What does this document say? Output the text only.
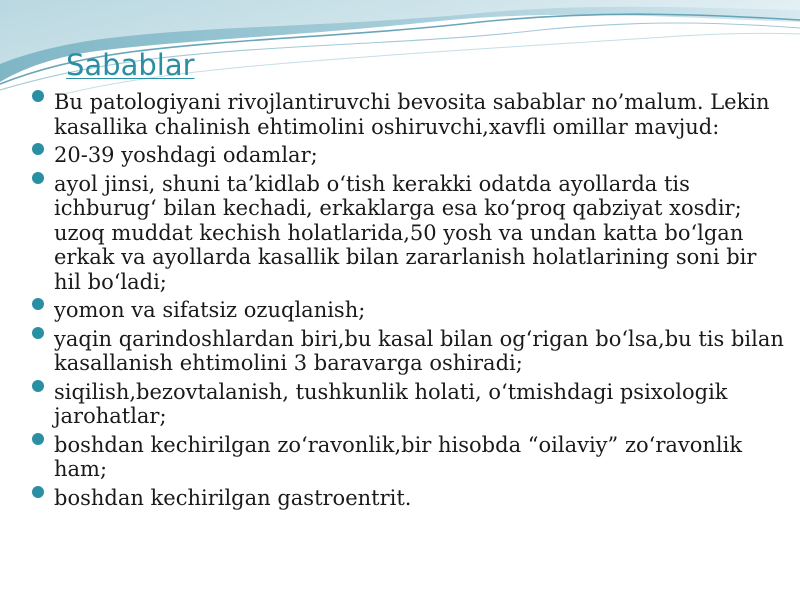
Sabablar
Bu patologiyani rivojlantiruvchi bevosita sabablar no’malum. Lekin kasallika chalinish ehtimolini oshiruvchi,xavfli omillar mavjud:
20-39 yoshdagi odamlar;
ayol jinsi, shuni ta’kidlab o‘tish kerakki odatda ayollarda tis ichburug‘ bilan kechadi, erkaklarga esa ko‘proq qabziyat xosdir; uzoq muddat kechish holatlarida,50 yosh va undan katta bo‘lgan erkak va ayollarda kasallik bilan zararlanish holatlarining soni bir hil bo‘ladi;
yomon va sifatsiz ozuqlanish;
yaqin qarindoshlardan biri,bu kasal bilan og‘rigan bo‘lsa,bu tis bilan kasallanish ehtimolini 3 baravarga oshiradi;
siqilish,bezovtalanish, tushkunlik holati, o‘tmishdagi psixologik jarohatlar;
boshdan kechirilgan zo‘ravonlik,bir hisobda “oilaviy” zo‘ravonlik ham;
boshdan kechirilgan gastroentrit.
